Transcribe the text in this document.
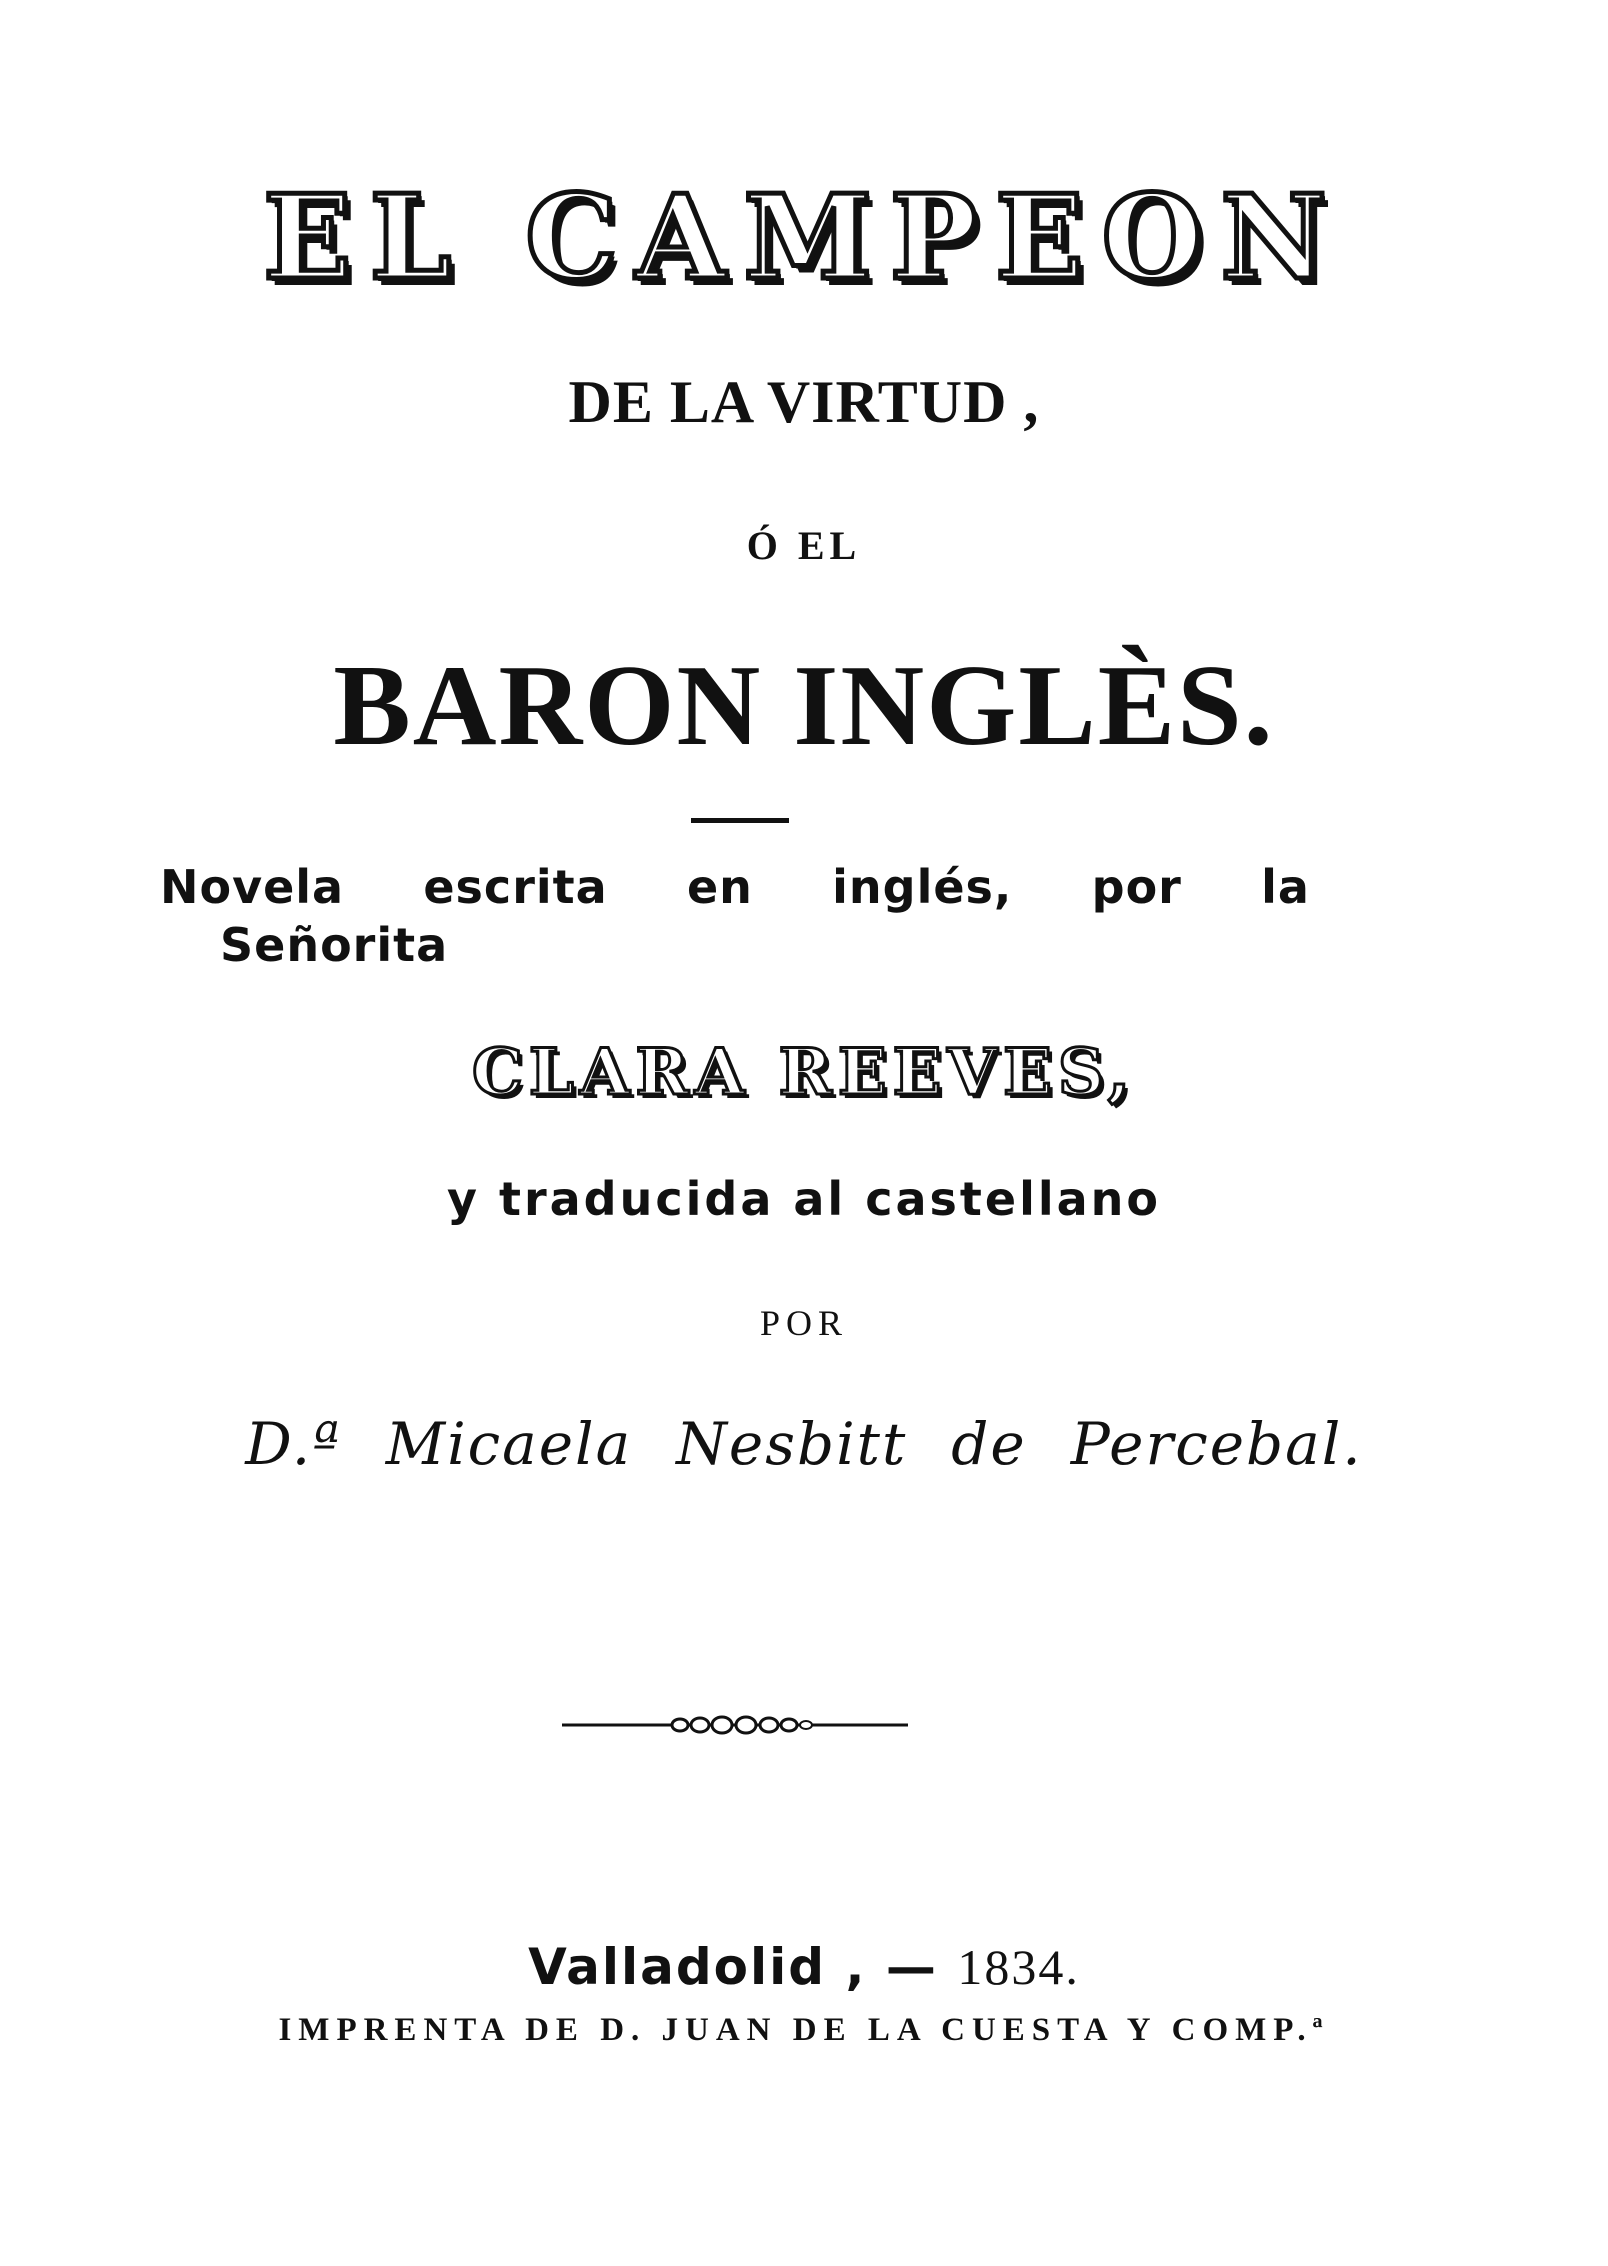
EL CAMPEON
DE LA VIRTUD ,
Ó EL
BARON INGLÈS.
Novela escrita en inglés, por la
Señorita
CLARA REEVES,
y traducida al castellano
POR
D.ª Micaela Nesbitt de Percebal.
Valladolid , — 1834.
IMPRENTA DE D. JUAN DE LA CUESTA Y COMP.ª
